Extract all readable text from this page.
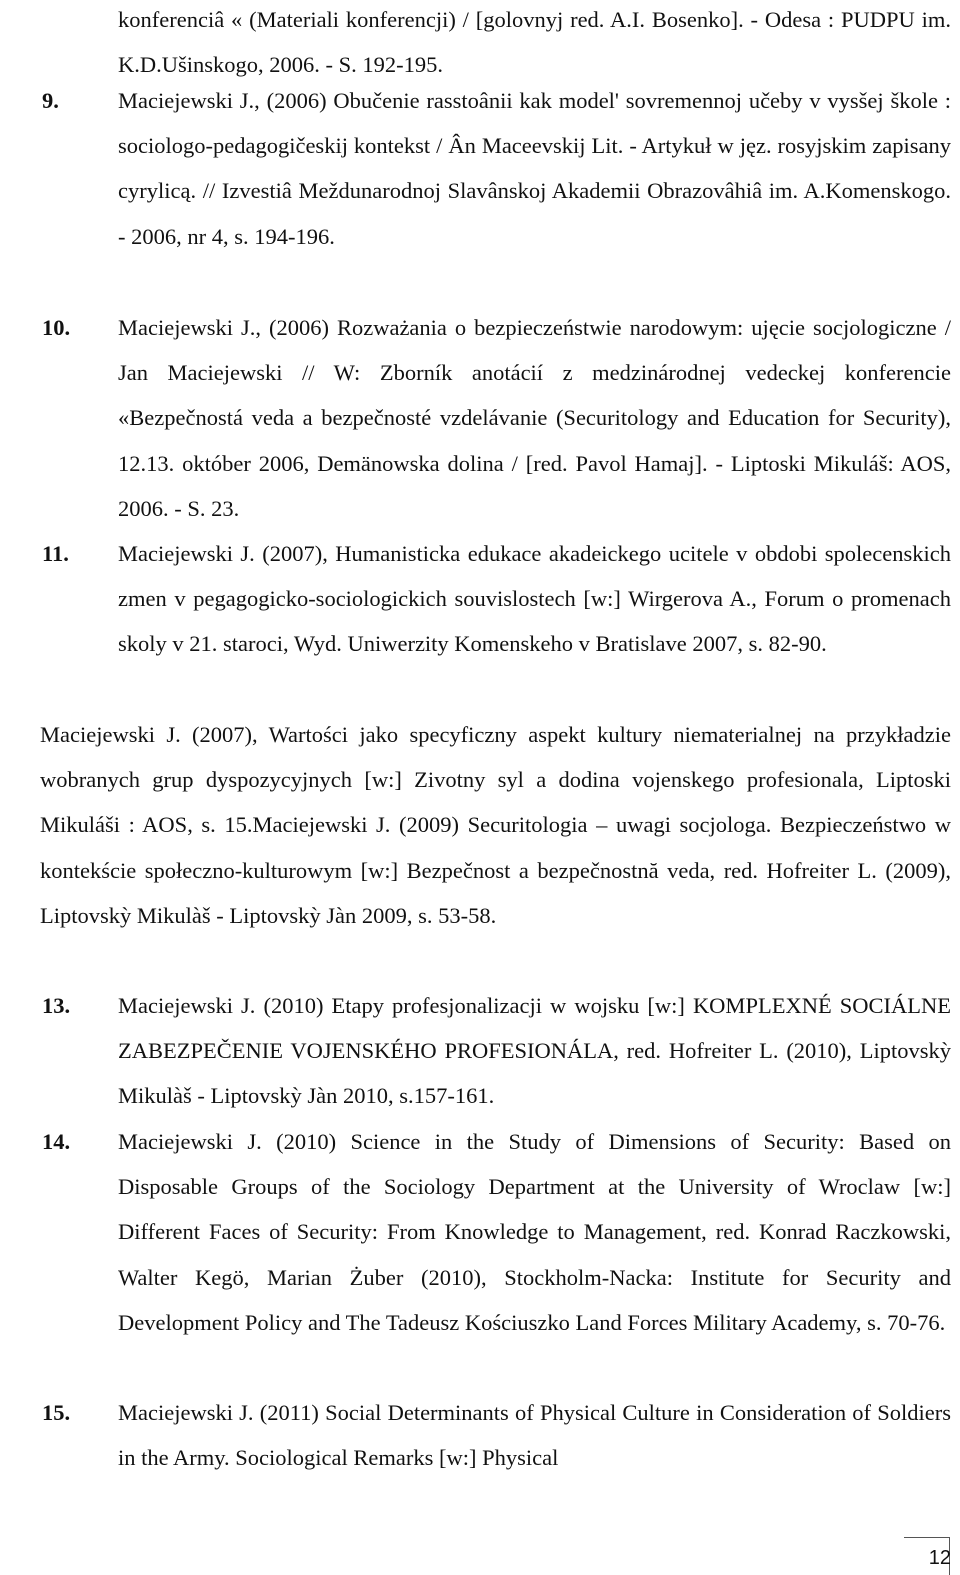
konferenciâ « (Materiali konferencji) / [golovnyj red. A.I. Bosenko]. - Odesa : PUDPU im. K.D.Ušinskogo, 2006. - S. 192-195.

9.	Maciejewski J., (2006) Obučenie rasstoânii kak model' sovremennoj učeby v vysšej škole : sociologo-pedagogičeskij kontekst / Ân Maceevskij Lit. - Artykuł w jęz. rosyjskim zapisany cyrylicą. // Izvestiâ Meždunarodnoj Slavânskoj Akademii Obrazovâhiâ im. A.Komenskogo. - 2006, nr 4, s. 194-196.

10. Maciejewski J., (2006) Rozważania o bezpieczeństwie narodowym: ujęcie socjologiczne / Jan Maciejewski // W: Zborník anotácií z medzinárodnej vedeckej konferencie «Bezpečnostá veda a bezpečnosté vzdelávanie (Securitology and Education for Security), 12.13. október 2006, Demänowska dolina / [red. Pavol Hamaj]. - Liptoski Mikuláš: AOS, 2006. - S. 23.

11. Maciejewski J. (2007), Humanisticka edukace akadeickego ucitele v obdobi spolecenskich zmen v pegagogicko-sociologickich souvislostech [w:] Wirgerova A., Forum o promenach skoly v 21. staroci, Wyd. Uniwerzity Komenskeho v Bratislave 2007, s. 82-90.

Maciejewski J. (2007), Wartości jako specyficzny aspekt kultury niematerialnej na przykładzie wobranych grup dyspozycyjnych [w:] Zivotny syl a dodina vojenskego profesionala, Liptoski Mikuláši : AOS, s. 15.Maciejewski J. (2009) Securitologia – uwagi socjologa. Bezpieczeństwo w kontekście społeczno-kulturowym [w:] Bezpečnost a bezpečnostnă veda, red. Hofreiter L. (2009), Liptovskỳ Mikulàš - Liptovskỳ Jàn 2009, s. 53-58.

13. Maciejewski J. (2010) Etapy profesjonalizacji w wojsku [w:] KOMPLEXNÉ SOCIÁLNE ZABEZPEČENIE VOJENSKÉHO PROFESIONÁLA, red. Hofreiter L. (2010), Liptovskỳ Mikulàš - Liptovskỳ Jàn 2010, s.157-161.

14. Maciejewski J. (2010) Science in the Study of Dimensions of Security: Based on Disposable Groups of the Sociology Department at the University of Wroclaw [w:] Different Faces of Security: From Knowledge to Management, red. Konrad Raczkowski, Walter Kegö, Marian Żuber (2010), Stockholm-Nacka: Institute for Security and Development Policy and The Tadeusz Kościuszko Land Forces Military Academy, s. 70-76.

15. Maciejewski J. (2011) Social Determinants of Physical Culture in Consideration of Soldiers in the Army. Sociological Remarks [w:] Physical

12
